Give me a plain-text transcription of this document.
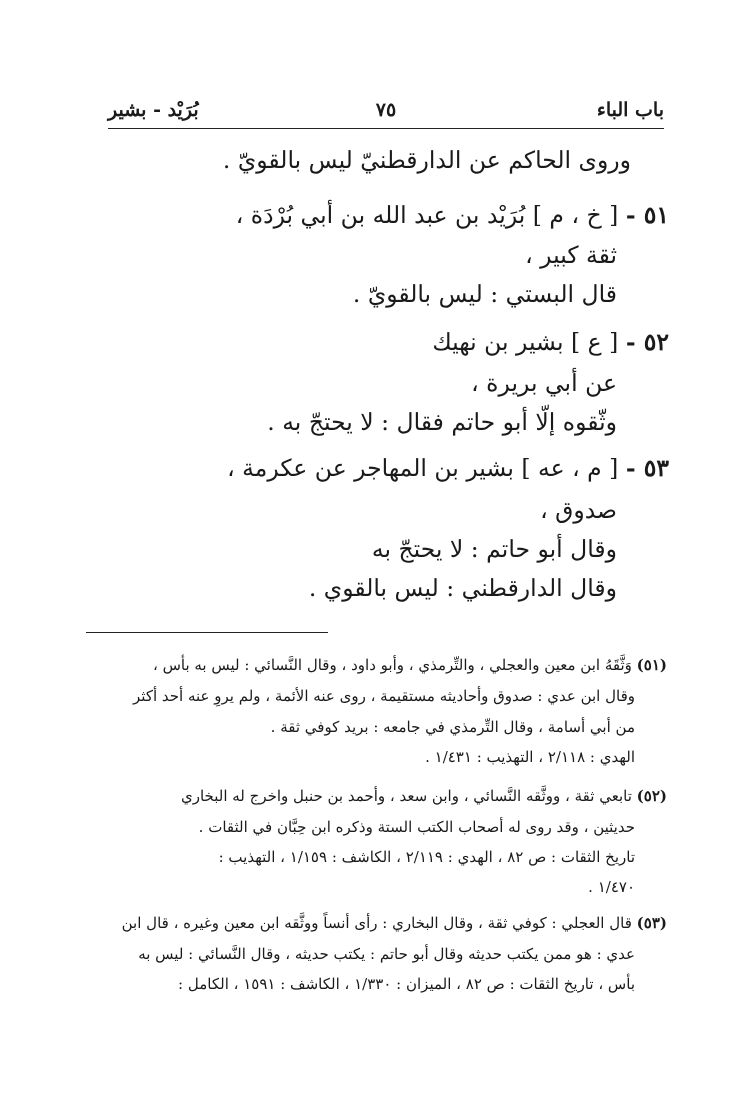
باب الباء
٧٥
بُرَيْد - بشير
وروى الحاكم عن الدارقطنيّ ليس بالقويّ .
٥١ - [ خ ، م ] بُرَيْد بن عبد الله بن أبي بُرْدَة ،
ثقة كبير ،
قال البستي : ليس بالقويّ .
٥٢ - [ ع ] بشير بن نهيك
عن أبي بريرة ،
وثّقوه إلّا أبو حاتم فقال : لا يحتجّ به .
٥٣ - [ م ، عه ] بشير بن المهاجر عن عكرمة ،
صدوق ،
وقال أبو حاتم : لا يحتجّ به
وقال الدارقطني : ليس بالقوي .
(٥١) وَثَّقَهُ ابن معين والعجلي ، والتِّرمذي ، وأبو داود ، وقال النَّسائي : ليس به بأس ،
وقال ابن عدي : صدوق وأحاديثه مستقيمة ، روى عنه الأئمة ، ولم يروِ عنه أحد أكثر
من أبي أسامة ، وقال التِّرمذي في جامعه : بريد كوفي ثقة .
الهدي : ٢/١١٨ ، التهذيب : ١/٤٣١ .
(٥٢) تابعي ثقة ، ووثَّقه النَّسائي ، وابن سعد ، وأحمد بن حنبل واخرج له البخاري
حديثين ، وقد روى له أصحاب الكتب الستة وذكره ابن حِبَّان في الثقات .
تاريخ الثقات : ص ٨٢ ، الهدي : ٢/١١٩ ، الكاشف : ١/١٥٩ ، التهذيب :
١/٤٧٠ .
(٥٣) قال العجلي : كوفي ثقة ، وقال البخاري : رأى أنساً ووثَّقه ابن معين وغيره ، قال ابن
عدي : هو ممن يكتب حديثه وقال أبو حاتم : يكتب حديثه ، وقال النَّسائي : ليس به
بأس ، تاريخ الثقات : ص ٨٢ ، الميزان : ١/٣٣٠ ، الكاشف : ١٥٩١ ، الكامل :
